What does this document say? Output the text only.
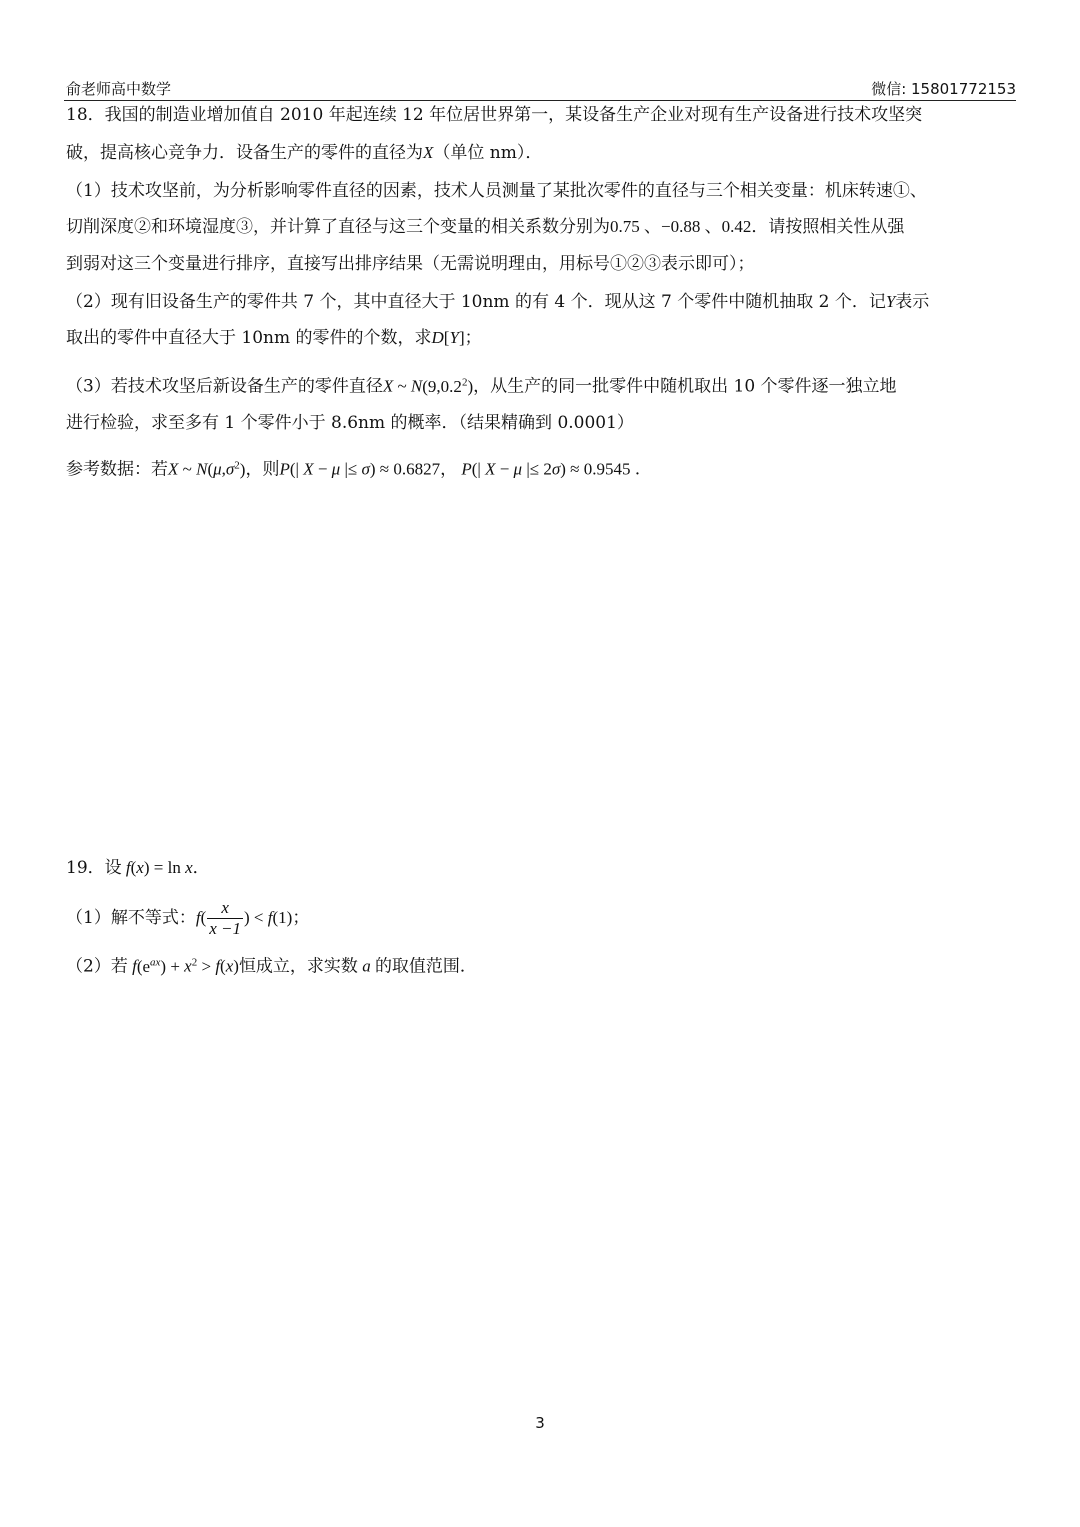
俞老师高中数学	微信: 15801772153
18．我国的制造业增加值自 2010 年起连续 12 年位居世界第一，某设备生产企业对现有生产设备进行技术攻坚突
破，提高核心竞争力．设备生产的零件的直径为X（单位 nm）．
（1）技术攻坚前，为分析影响零件直径的因素，技术人员测量了某批次零件的直径与三个相关变量：机床转速①、
切削深度②和环境湿度③，并计算了直径与这三个变量的相关系数分别为0.75 、−0.88 、0.42．请按照相关性从强
到弱对这三个变量进行排序，直接写出排序结果（无需说明理由，用标号①②③表示即可）；
（2）现有旧设备生产的零件共 7 个，其中直径大于 10nm 的有 4 个．现从这 7 个零件中随机抽取 2 个．记Y表示
取出的零件中直径大于 10nm 的零件的个数，求D[Y]；
（3）若技术攻坚后新设备生产的零件直径X ~ N(9,0.2$^2$)，从生产的同一批零件中随机取出 10 个零件逐一独立地
进行检验，求至多有 1 个零件小于 8.6nm 的概率．（结果精确到 0.0001）
参考数据：若X ~ $N(\mu,\sigma^2)$，则P(| X − μ |≤ σ) ≈ 0.6827， P(| X − μ |≤ 2σ) ≈ 0.9545 .
19．设 f(x) = ln x．
（1）解不等式：$f( \frac{x}{x -1}$ ) < f(1)；
（2）若 $f(e^{ax}) + x^2 > f(x)$恒成立，求实数 a 的取值范围．
3
